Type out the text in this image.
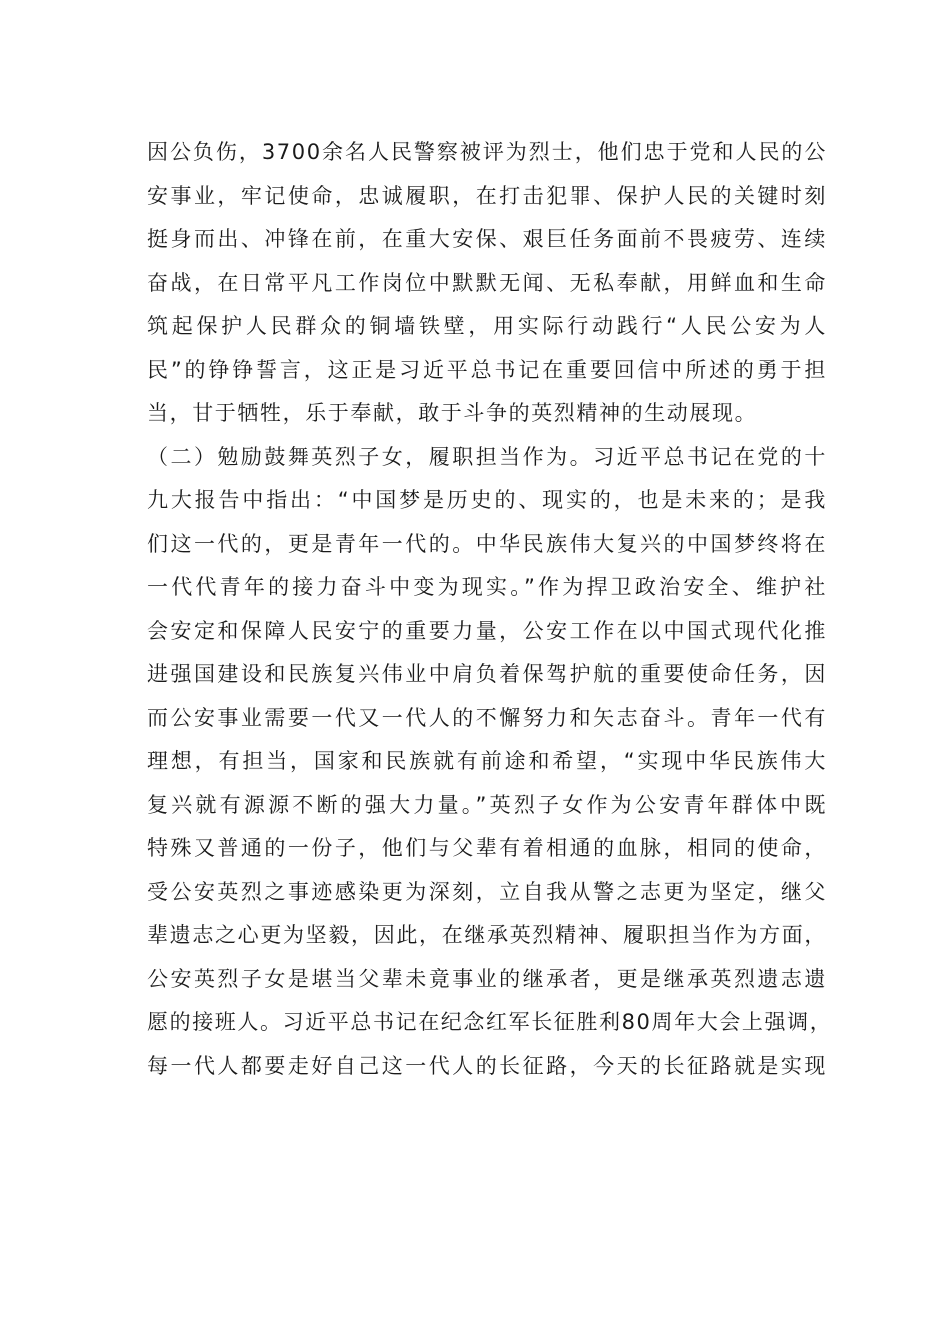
因公负伤，3700余名人民警察被评为烈士，他们忠于党和人民的公
安事业，牢记使命，忠诚履职，在打击犯罪、保护人民的关键时刻
挺身而出、冲锋在前，在重大安保、艰巨任务面前不畏疲劳、连续
奋战，在日常平凡工作岗位中默默无闻、无私奉献，用鲜血和生命
筑起保护人民群众的铜墙铁壁，用实际行动践行“人民公安为人
民”的铮铮誓言，这正是习近平总书记在重要回信中所述的勇于担
当，甘于牺牲，乐于奉献，敢于斗争的英烈精神的生动展现。
（二）勉励鼓舞英烈子女，履职担当作为。习近平总书记在党的十
九大报告中指出：“中国梦是历史的、现实的，也是未来的；是我
们这一代的，更是青年一代的。中华民族伟大复兴的中国梦终将在
一代代青年的接力奋斗中变为现实。”作为捍卫政治安全、维护社
会安定和保障人民安宁的重要力量，公安工作在以中国式现代化推
进强国建设和民族复兴伟业中肩负着保驾护航的重要使命任务，因
而公安事业需要一代又一代人的不懈努力和矢志奋斗。青年一代有
理想，有担当，国家和民族就有前途和希望，“实现中华民族伟大
复兴就有源源不断的强大力量。”英烈子女作为公安青年群体中既
特殊又普通的一份子，他们与父辈有着相通的血脉，相同的使命，
受公安英烈之事迹感染更为深刻，立自我从警之志更为坚定，继父
辈遗志之心更为坚毅，因此，在继承英烈精神、履职担当作为方面，
公安英烈子女是堪当父辈未竟事业的继承者，更是继承英烈遗志遗
愿的接班人。习近平总书记在纪念红军长征胜利80周年大会上强调，
每一代人都要走好自己这一代人的长征路，今天的长征路就是实现
